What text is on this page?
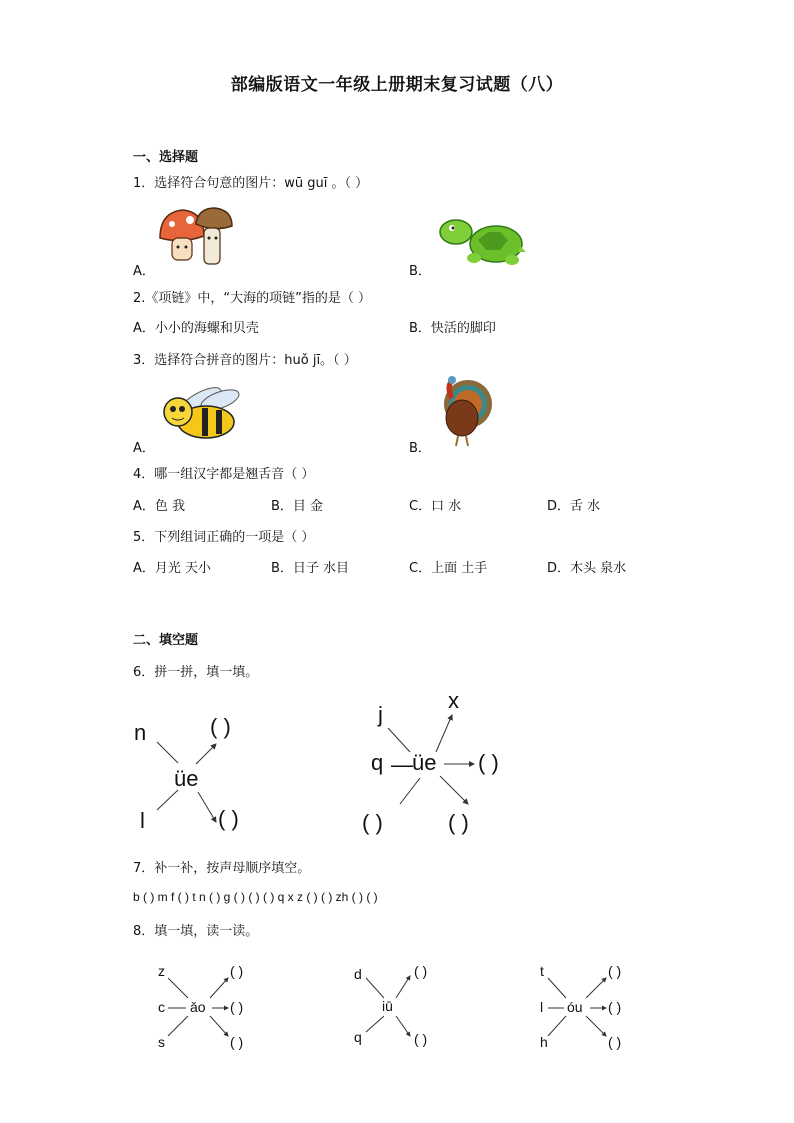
部编版语文一年级上册期末复习试题（八）
一、选择题
1．选择符合句意的图片：wū guī 。（ ）
A．	B．
2.《项链》中，“大海的项链”指的是（ ）
A．小小的海螺和贝壳	B．快活的脚印
3．选择符合拼音的图片：huǒ jī。（ ）
A．	B．
4．哪一组汉字都是翘舌音（ ）
A．色 我	B．目 金	C．口 水	D．舌 水
5．下列组词正确的一项是（ ）
A．月光 天小	B．日子 水目	C．上面 土手	D．木头 泉水
二、填空题
6．拼一拼，填一填。
n
üe
l
( )
( )
j
x
q — üe ( )
( )	( )
7．补一补，按声母顺序填空。
b ( ) m f ( ) t n ( ) g ( ) ( ) ( ) q x z ( ) ( ) zh ( ) ( )
8．填一填，读一读。
z
c ǎo
s
( )
( )
( )
d
iū
q
( )
( )
t
l óu
h
( )
( )
( )
